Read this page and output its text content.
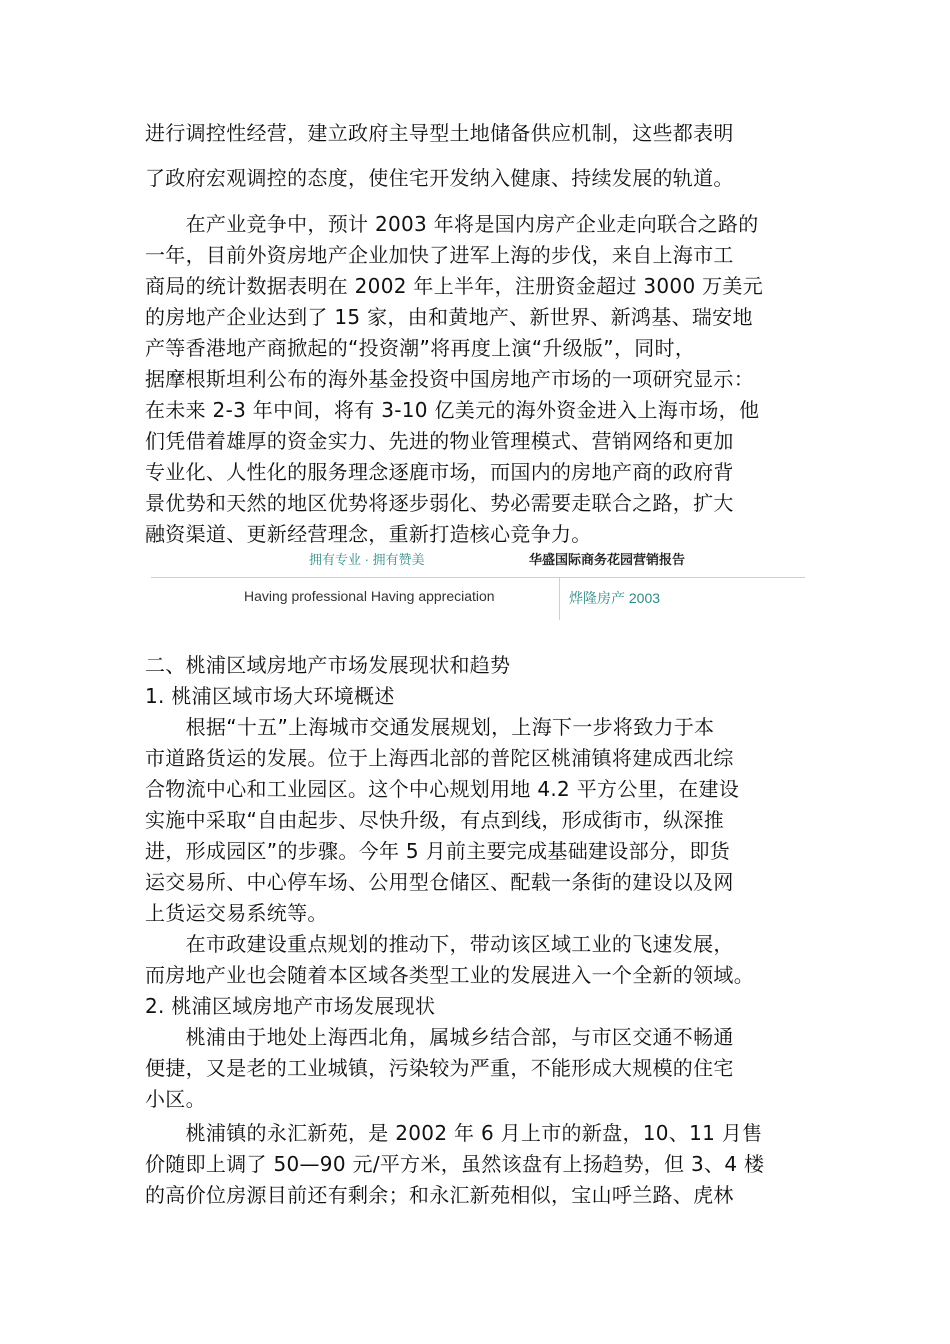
进行调控性经营，建立政府主导型土地储备供应机制，这些都表明
了政府宏观调控的态度，使住宅开发纳入健康、持续发展的轨道。
　　在产业竞争中，预计 2003 年将是国内房产企业走向联合之路的
一年，目前外资房地产企业加快了进军上海的步伐，来自上海市工
商局的统计数据表明在 2002 年上半年，注册资金超过 3000 万美元
的房地产企业达到了 15 家，由和黄地产、新世界、新鸿基、瑞安地
产等香港地产商掀起的“投资潮”将再度上演“升级版”，同时，
据摩根斯坦利公布的海外基金投资中国房地产市场的一项研究显示：
在未来 2-3 年中间，将有 3-10 亿美元的海外资金进入上海市场，他
们凭借着雄厚的资金实力、先进的物业管理模式、营销网络和更加
专业化、人性化的服务理念逐鹿市场，而国内的房地产商的政府背
景优势和天然的地区优势将逐步弱化、势必需要走联合之路，扩大
融资渠道、更新经营理念，重新打造核心竞争力。
拥有专业 · 拥有赞美	华盛国际商务花园营销报告
Having professional Having appreciation	烨隆房产 2003
二、桃浦区域房地产市场发展现状和趋势
1. 桃浦区域市场大环境概述
　　根据“十五”上海城市交通发展规划，上海下一步将致力于本
市道路货运的发展。位于上海西北部的普陀区桃浦镇将建成西北综
合物流中心和工业园区。这个中心规划用地 4.2 平方公里，在建设
实施中采取“自由起步、尽快升级，有点到线，形成街市，纵深推
进，形成园区”的步骤。今年 5 月前主要完成基础建设部分，即货
运交易所、中心停车场、公用型仓储区、配载一条街的建设以及网
上货运交易系统等。
　　在市政建设重点规划的推动下，带动该区域工业的飞速发展，
而房地产业也会随着本区域各类型工业的发展进入一个全新的领域。
2. 桃浦区域房地产市场发展现状
　　桃浦由于地处上海西北角，属城乡结合部，与市区交通不畅通
便捷，又是老的工业城镇，污染较为严重，不能形成大规模的住宅
小区。
　　桃浦镇的永汇新苑，是 2002 年 6 月上市的新盘，10、11 月售
价随即上调了 50—90 元/平方米，虽然该盘有上扬趋势，但 3、4 楼
的高价位房源目前还有剩余；和永汇新苑相似，宝山呼兰路、虎林
